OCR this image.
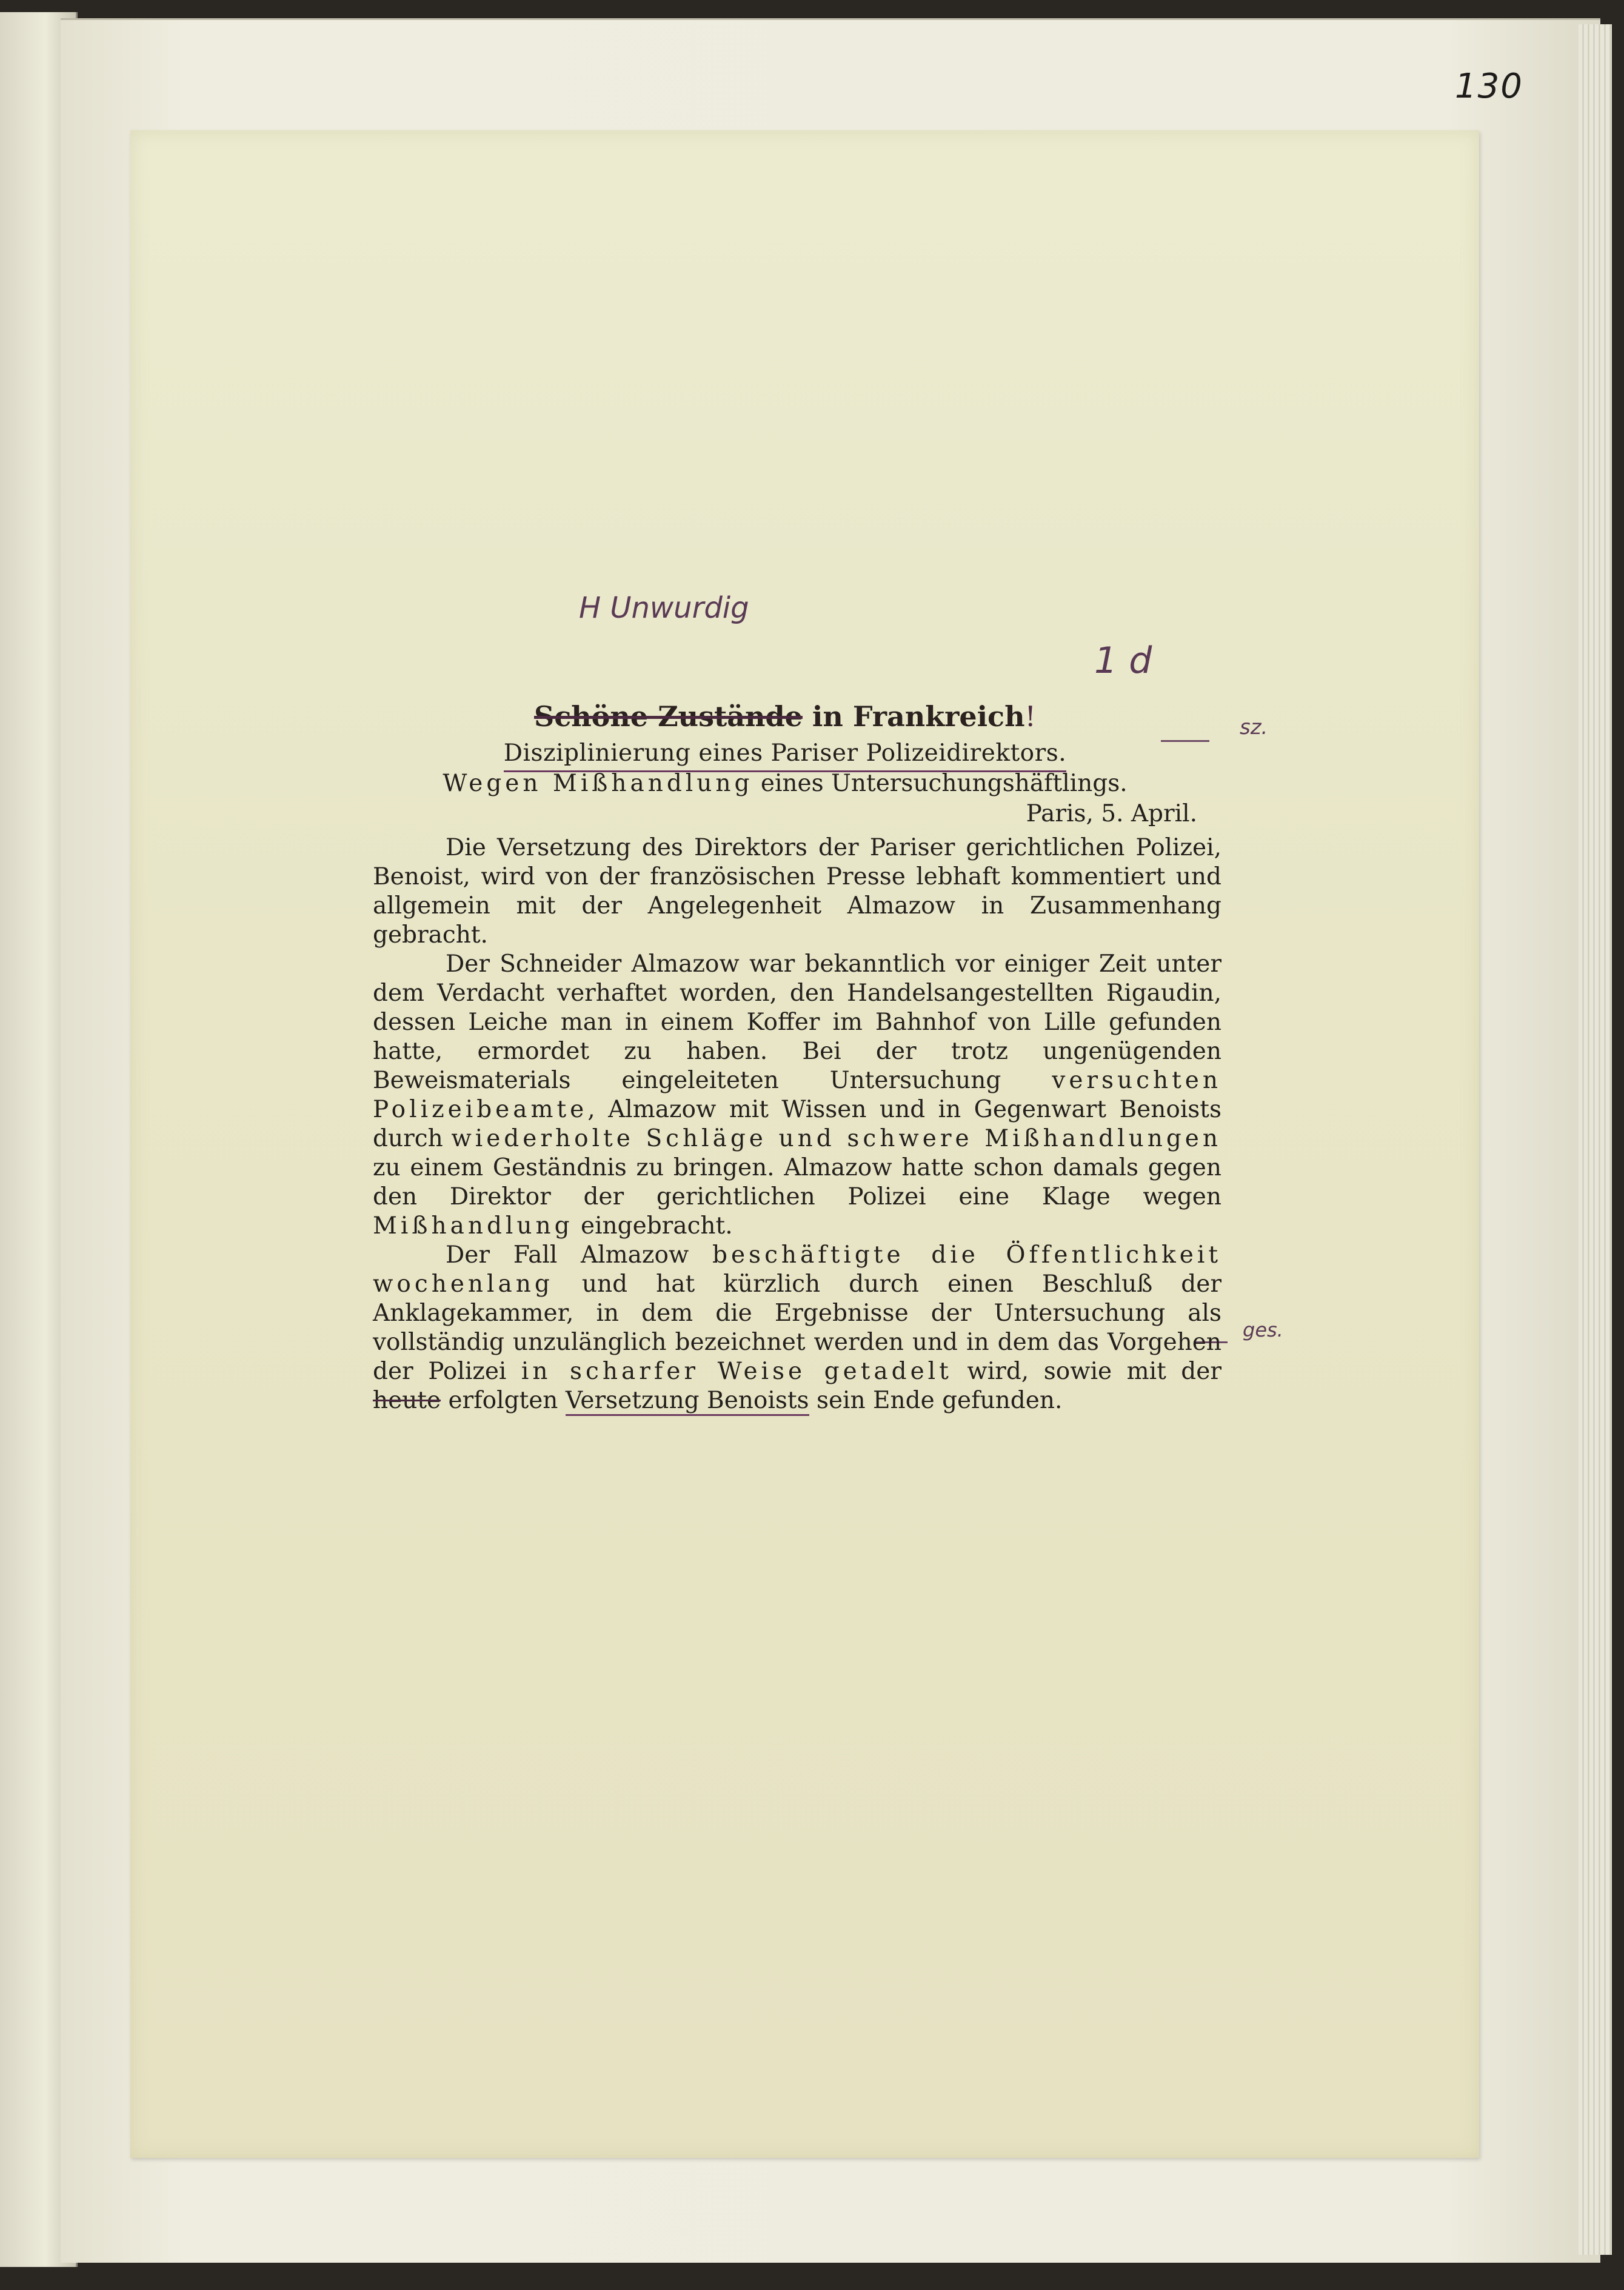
130
H Unwurdig
1 d
sz.
ges.
Schöne Zustände in Frankreich!
Disziplinierung eines Pariser Polizeidirektors.
Wegen Mißhandlung eines Untersuchungshäftlings.
Paris, 5. April.

Die Versetzung des Direktors der Pariser gerichtlichen Polizei, Benoist, wird von der französischen Presse lebhaft kommentiert und allgemein mit der Angelegenheit Almazow in Zusammenhang gebracht.

Der Schneider Almazow war bekanntlich vor einiger Zeit unter dem Verdacht verhaftet worden, den Handelsangestellten Rigaudin, dessen Leiche man in einem Koffer im Bahnhof von Lille gefunden hatte, ermordet zu haben. Bei der trotz ungenügenden Beweismaterials eingeleiteten Untersuchung versuchten Polizeibeamte, Almazow mit Wissen und in Gegenwart Benoists durch wiederholte Schläge und schwere Mißhandlungen zu einem Geständnis zu bringen. Almazow hatte schon damals gegen den Direktor der gerichtlichen Polizei eine Klage wegen Mißhandlung eingebracht.

Der Fall Almazow beschäftigte die Öffentlichkeit wochenlang und hat kürzlich durch einen Beschluß der Anklagekammer, in dem die Ergebnisse der Untersuchung als vollständig unzulänglich bezeichnet werden und in dem das Vorgehen der Polizei in scharfer Weise getadelt wird, sowie mit der heute erfolgten Versetzung Benoists sein Ende gefunden.
